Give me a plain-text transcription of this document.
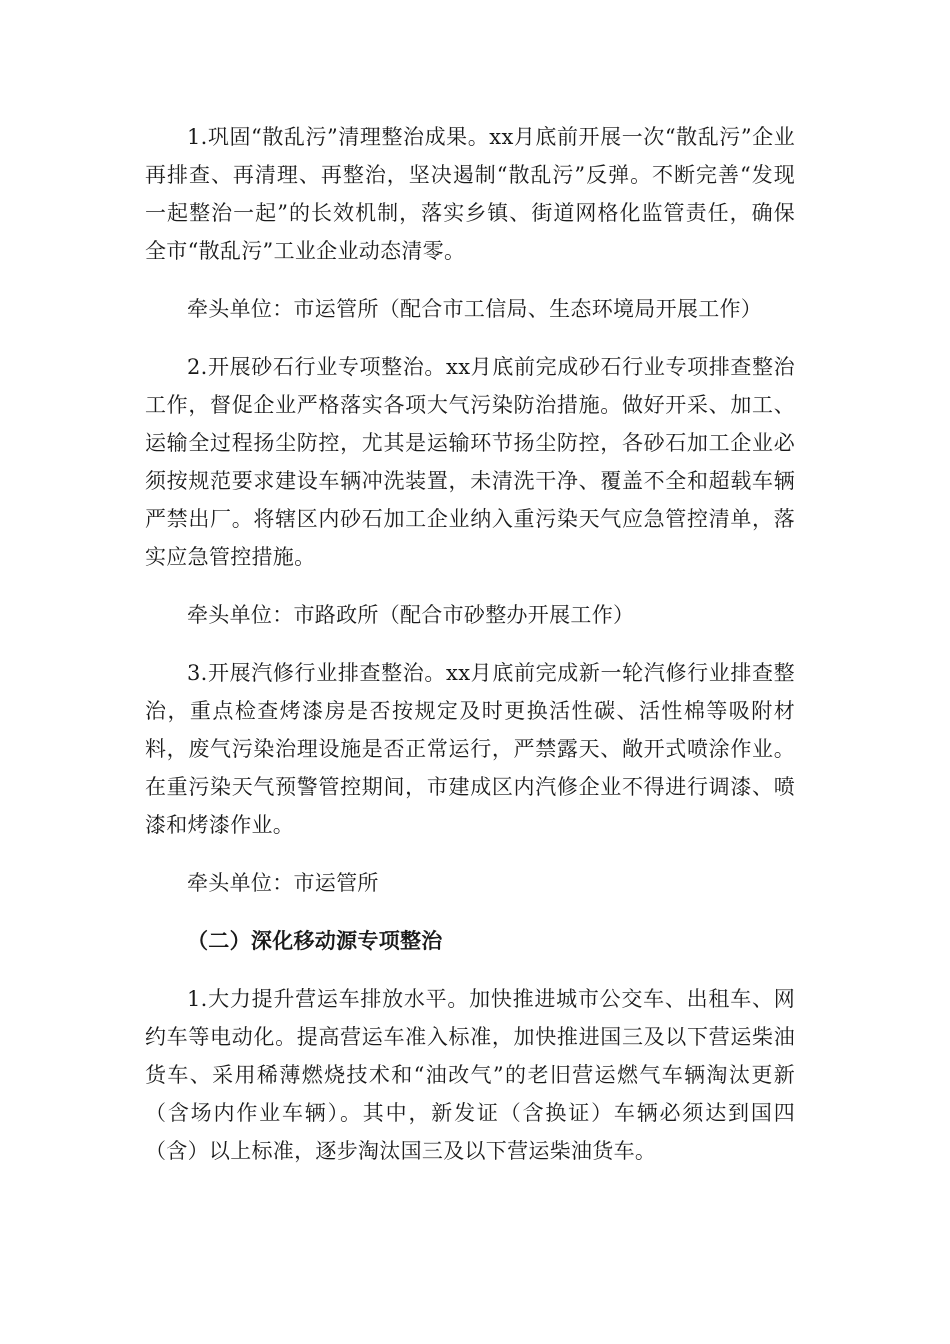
1.巩固“散乱污”清理整治成果。xx月底前开展一次“散乱污”企业再排查、再清理、再整治，坚决遏制“散乱污”反弹。不断完善“发现一起整治一起”的长效机制，落实乡镇、街道网格化监管责任，确保全市“散乱污”工业企业动态清零。

牵头单位：市运管所（配合市工信局、生态环境局开展工作）

2.开展砂石行业专项整治。xx月底前完成砂石行业专项排查整治工作，督促企业严格落实各项大气污染防治措施。做好开采、加工、运输全过程扬尘防控，尤其是运输环节扬尘防控，各砂石加工企业必须按规范要求建设车辆冲洗装置，未清洗干净、覆盖不全和超载车辆严禁出厂。将辖区内砂石加工企业纳入重污染天气应急管控清单，落实应急管控措施。

牵头单位：市路政所（配合市砂整办开展工作）

3.开展汽修行业排查整治。xx月底前完成新一轮汽修行业排查整治，重点检查烤漆房是否按规定及时更换活性碳、活性棉等吸附材料，废气污染治理设施是否正常运行，严禁露天、敞开式喷涂作业。在重污染天气预警管控期间，市建成区内汽修企业不得进行调漆、喷漆和烤漆作业。

牵头单位：市运管所

（二）深化移动源专项整治

1.大力提升营运车排放水平。加快推进城市公交车、出租车、网约车等电动化。提高营运车准入标准，加快推进国三及以下营运柴油货车、采用稀薄燃烧技术和“油改气”的老旧营运燃气车辆淘汰更新（含场内作业车辆）。其中，新发证（含换证）车辆必须达到国四（含）以上标准，逐步淘汰国三及以下营运柴油货车。
